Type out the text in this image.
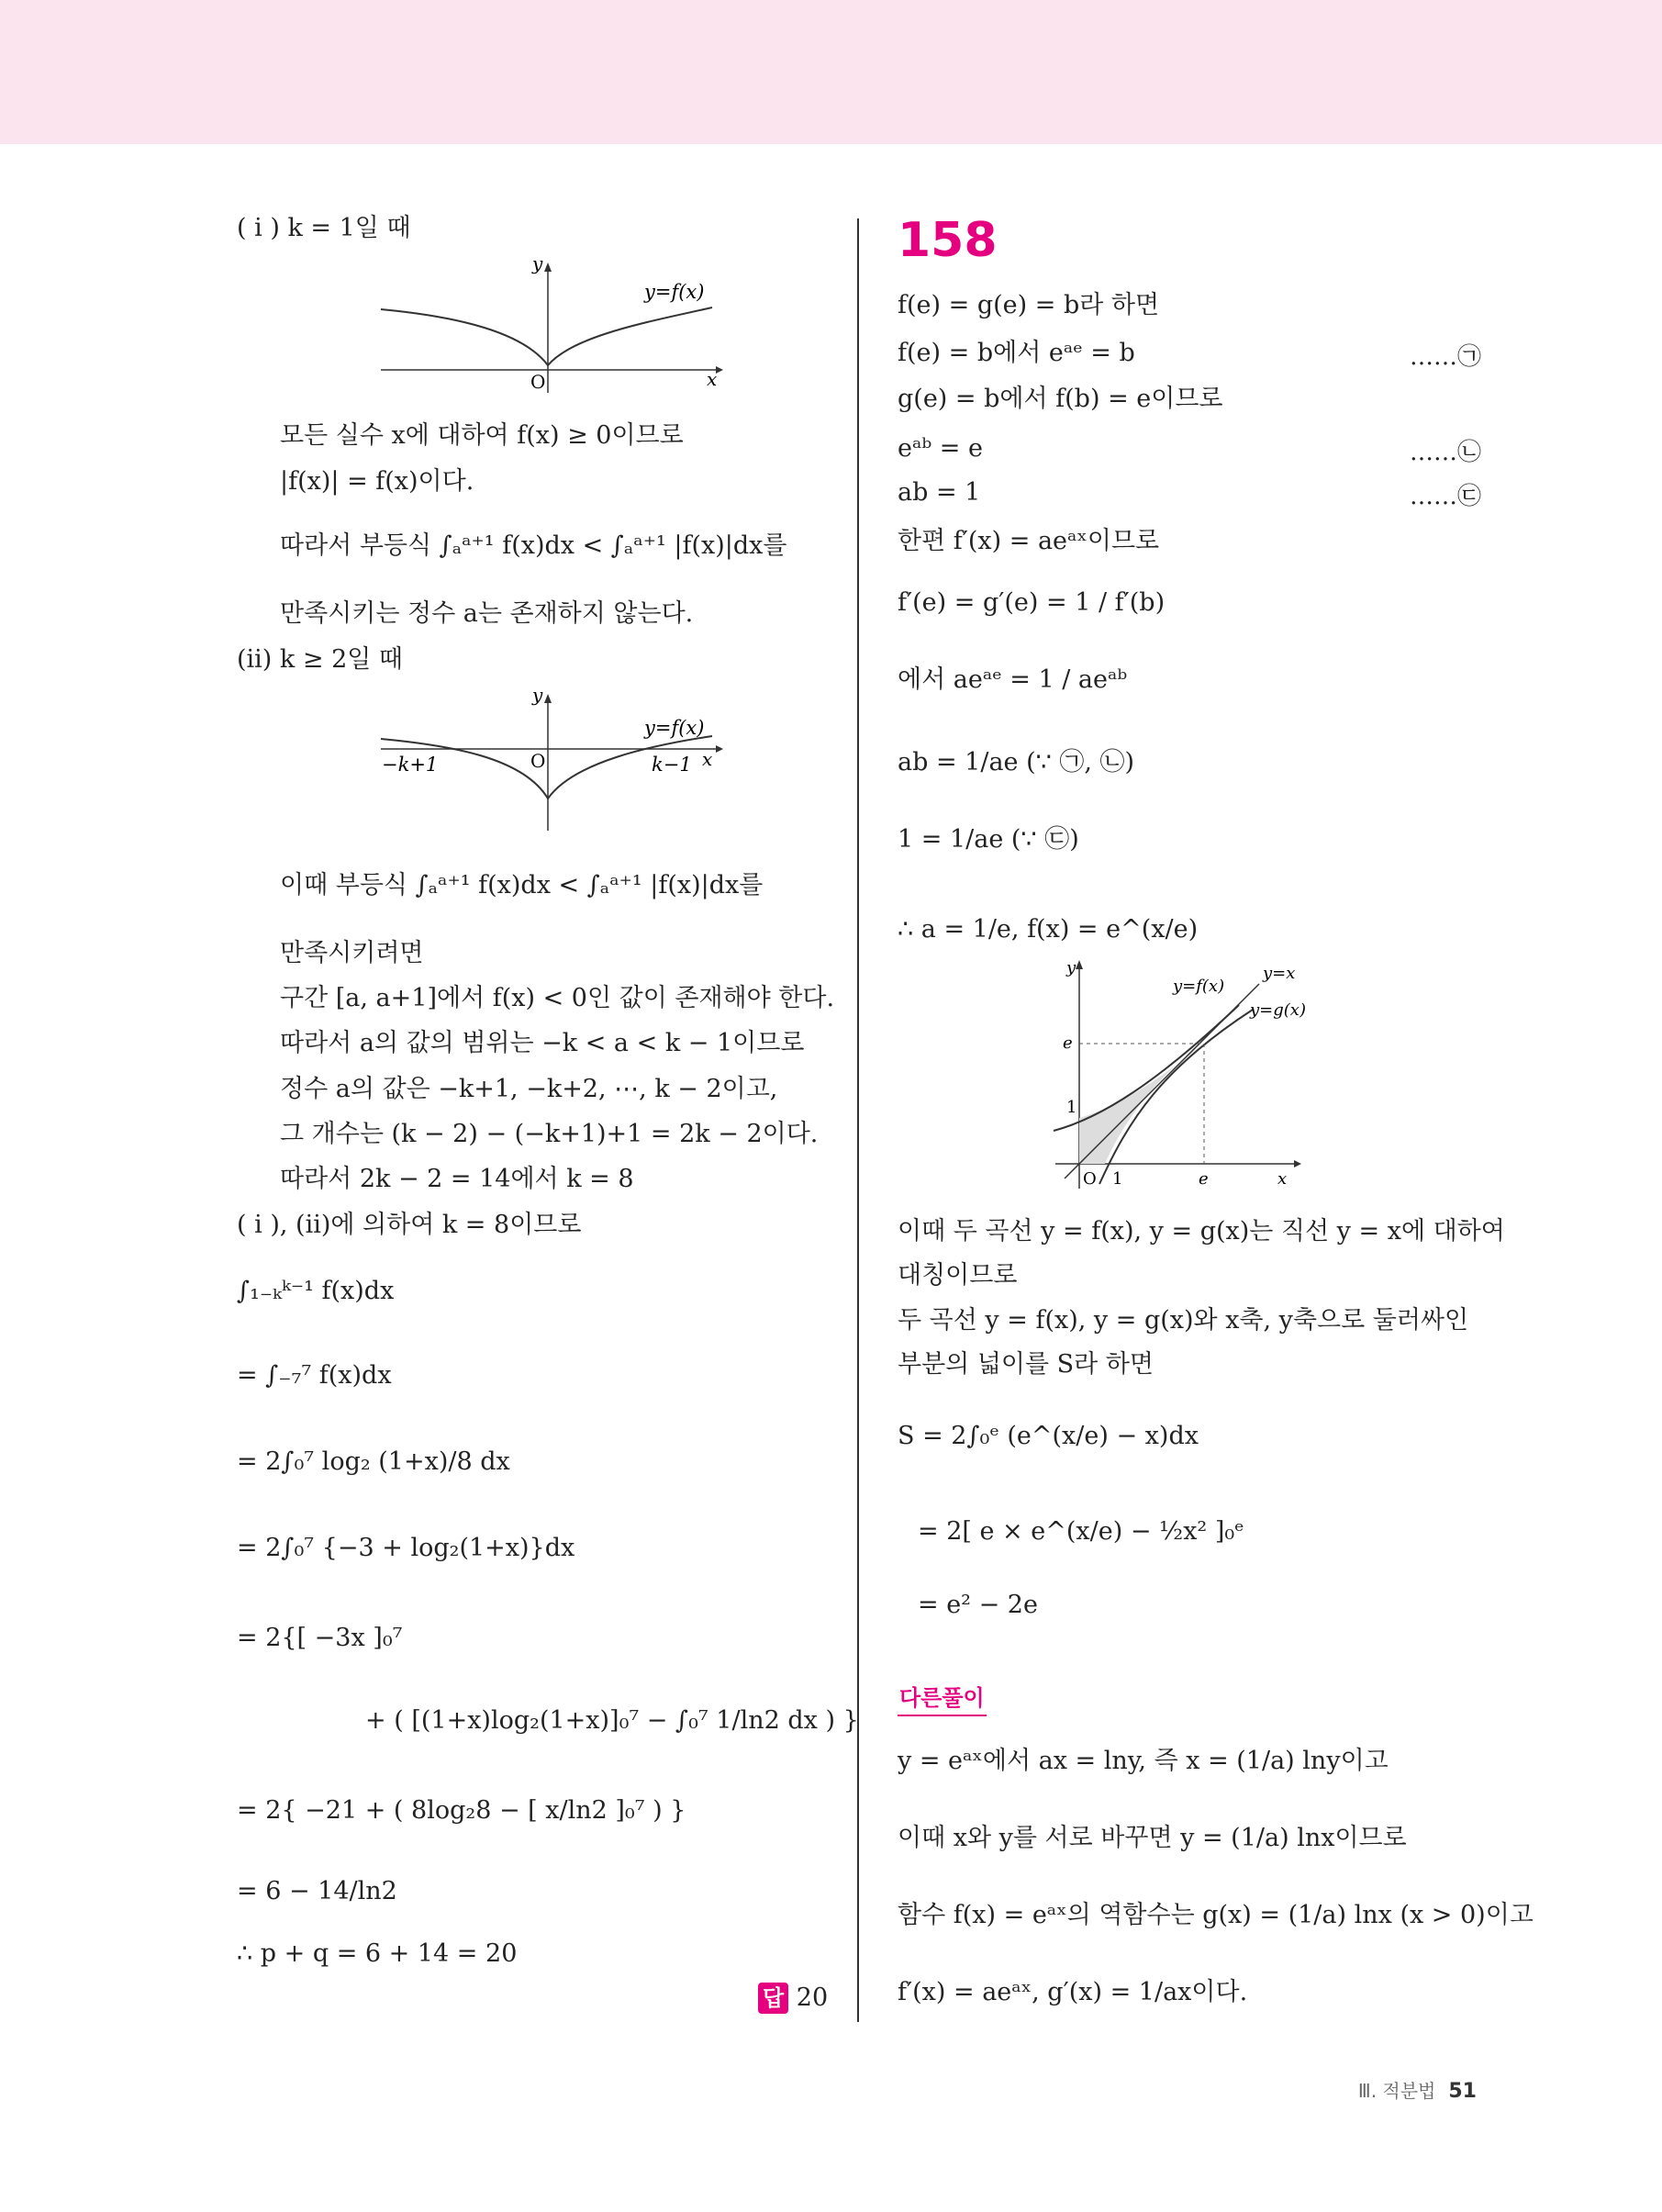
( i ) k = 1일 때
y
x
O
y=f(x)
모든 실수 x에 대하여 f(x) ≥ 0이므로
|f(x)| = f(x)이다.
따라서 부등식 ∫ₐᵃ⁺¹ f(x)dx < ∫ₐᵃ⁺¹ |f(x)|dx를
만족시키는 정수 a는 존재하지 않는다.
(ii) k ≥ 2일 때
y
x
O
−k+1	k−1
y=f(x)
이때 부등식 ∫ₐᵃ⁺¹ f(x)dx < ∫ₐᵃ⁺¹ |f(x)|dx를
만족시키려면
구간 [a, a+1]에서 f(x) < 0인 값이 존재해야 한다.
따라서 a의 값의 범위는 −k < a < k − 1이므로
정수 a의 값은 −k+1, −k+2, ⋯, k − 2이고,
그 개수는 (k − 2) − (−k+1)+1 = 2k − 2이다.
따라서 2k − 2 = 14에서 k = 8
( i ), (ii)에 의하여 k = 8이므로
∫₁₋ₖᵏ⁻¹ f(x)dx
= ∫₋₇⁷ f(x)dx
= 2∫₀⁷ log₂ (1+x)/8 dx
= 2∫₀⁷ {−3 + log₂(1+x)}dx
= 2{[ −3x ]₀⁷
+ ( [(1+x)log₂(1+x)]₀⁷ − ∫₀⁷ 1/ln2 dx ) }
= 2{ −21 + ( 8log₂8 − [ x/ln2 ]₀⁷ ) }
= 6 − 14/ln2
∴ p + q = 6 + 14 = 20
답 20
158
f(e) = g(e) = b라 하면
f(e) = b에서 eᵃᵉ = b	……㉠
g(e) = b에서 f(b) = e이므로
eᵃᵇ = e	……㉡
ab = 1	……㉢
한편 f′(x) = aeᵃˣ이므로
f′(e) = g′(e) = 1 / f′(b)
에서 aeᵃᵉ = 1 / aeᵃᵇ
ab = 1/ae (∵ ㉠, ㉡)
1 = 1/ae (∵ ㉢)
∴ a = 1/e, f(x) = e^(x/e)
y
x
O 1	e
e
1
y=f(x)
y=x
y=g(x)
이때 두 곡선 y = f(x), y = g(x)는 직선 y = x에 대하여
대칭이므로
두 곡선 y = f(x), y = g(x)와 x축, y축으로 둘러싸인
부분의 넓이를 S라 하면
S = 2∫₀ᵉ (e^(x/e) − x)dx
= 2[ e × e^(x/e) − ½x² ]₀ᵉ
= e² − 2e
다른풀이
y = eᵃˣ에서 ax = lny, 즉 x = (1/a) lny이고
이때 x와 y를 서로 바꾸면 y = (1/a) lnx이므로
함수 f(x) = eᵃˣ의 역함수는 g(x) = (1/a) lnx (x > 0)이고
f′(x) = aeᵃˣ, g′(x) = 1/ax이다.
Ⅲ. 적분법 51
